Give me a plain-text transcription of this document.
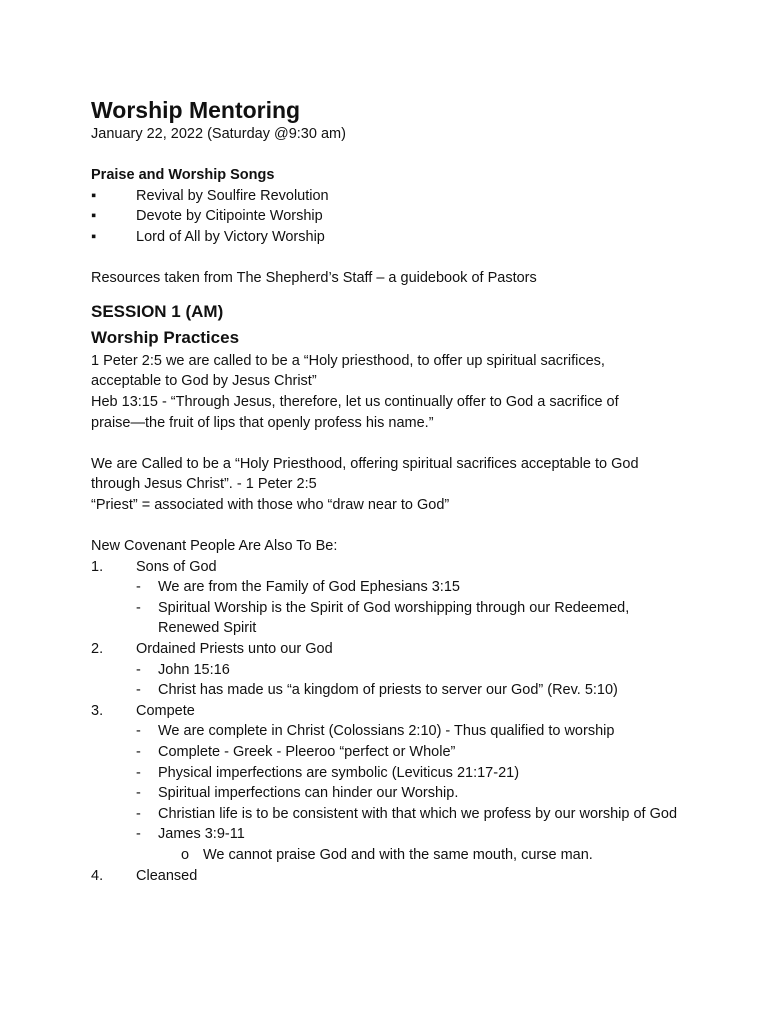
Worship Mentoring
January 22, 2022 (Saturday @9:30 am)
Praise and Worship Songs
▪	Revival by Soulfire Revolution
▪	Devote by Citipointe Worship
▪	Lord of All by Victory Worship
Resources taken from The Shepherd’s Staff – a guidebook of Pastors
SESSION 1 (AM)
Worship Practices
1 Peter 2:5 we are called to be a “Holy priesthood, to offer up spiritual sacrifices,
acceptable to God by Jesus Christ”
Heb 13:15 - “Through Jesus, therefore, let us continually offer to God a sacrifice of
praise—the fruit of lips that openly profess his name.”
We are Called to be a “Holy Priesthood, offering spiritual sacrifices acceptable to God
through Jesus Christ”. - 1 Peter 2:5
“Priest” = associated with those who “draw near to God”
New Covenant People Are Also To Be:
1.	Sons of God
-	We are from the Family of God Ephesians 3:15
-	Spiritual Worship is the Spirit of God worshipping through our Redeemed, Renewed Spirit
2.	Ordained Priests unto our God
-	John 15:16
-	Christ has made us “a kingdom of priests to server our God” (Rev. 5:10)
3.	Compete
-	We are complete in Christ (Colossians 2:10) - Thus qualified to worship
-	Complete - Greek - Pleeroo “perfect or Whole”
-	Physical imperfections are symbolic (Leviticus 21:17-21)
-	Spiritual imperfections can hinder our Worship.
-	Christian life is to be consistent with that which we profess by our worship of God
-	James 3:9-11
o We cannot praise God and with the same mouth, curse man.
4.	Cleansed
